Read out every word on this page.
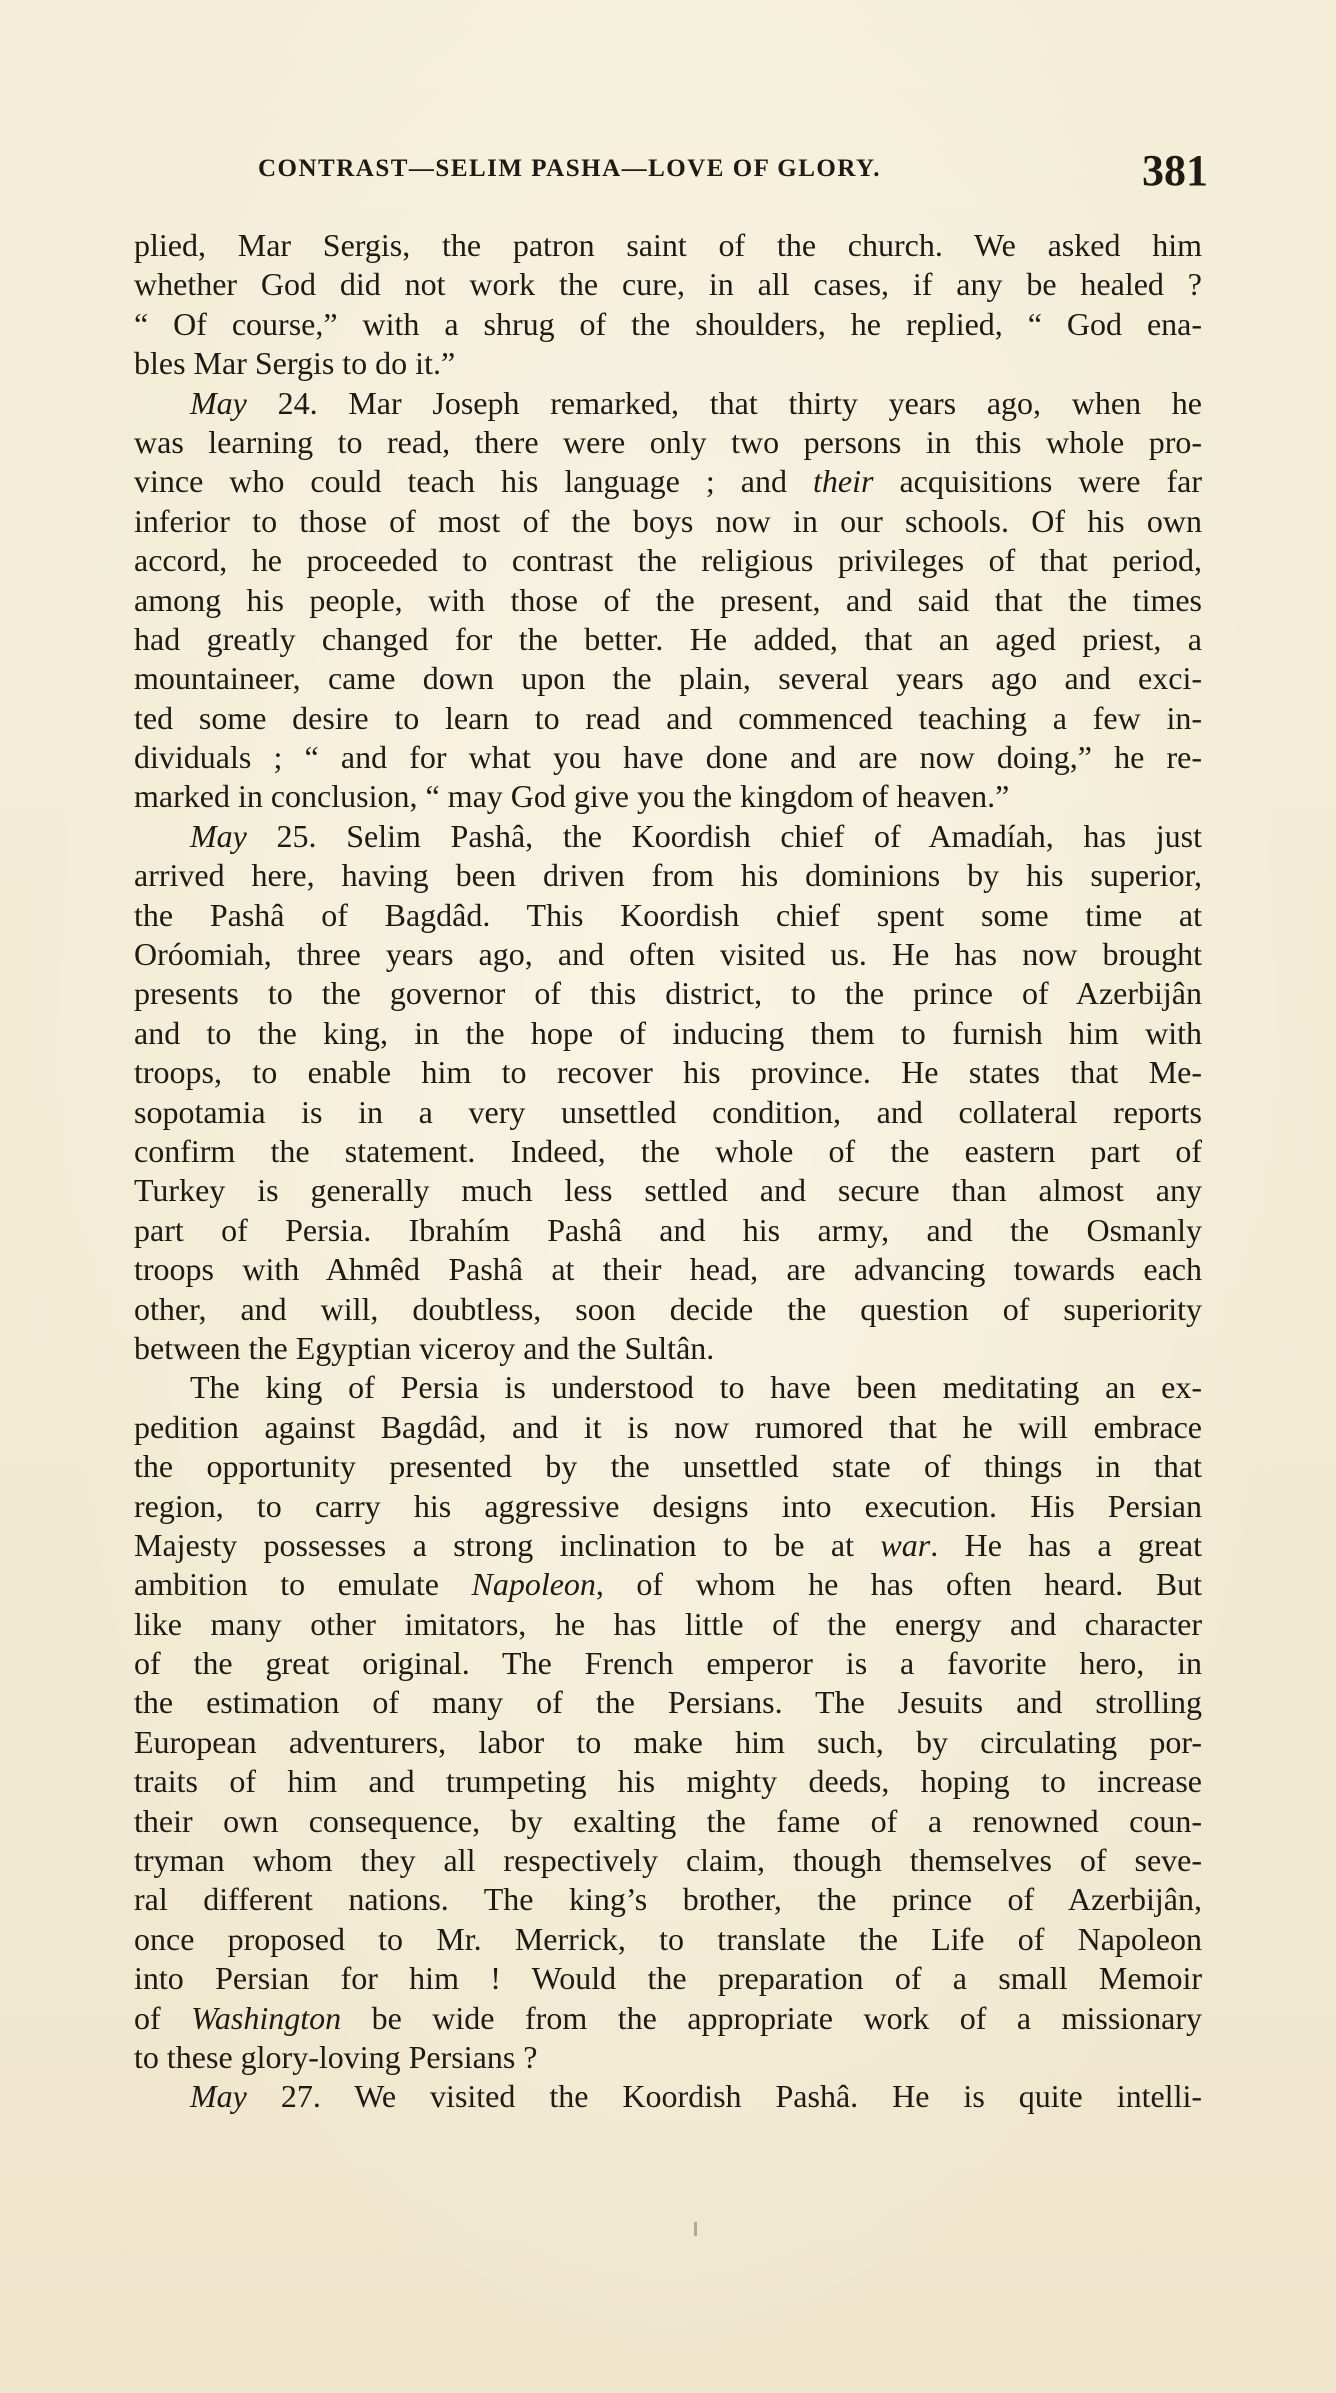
CONTRAST—SELIM PASHA—LOVE OF GLORY.	381
plied, Mar Sergis, the patron saint of the church. We asked him
whether God did not work the cure, in all cases, if any be healed ?
“ Of course,” with a shrug of the shoulders, he replied, “ God ena-
bles Mar Sergis to do it.”
May 24. Mar Joseph remarked, that thirty years ago, when he
was learning to read, there were only two persons in this whole pro-
vince who could teach his language ; and their acquisitions were far
inferior to those of most of the boys now in our schools. Of his own
accord, he proceeded to contrast the religious privileges of that period,
among his people, with those of the present, and said that the times
had greatly changed for the better. He added, that an aged priest, a
mountaineer, came down upon the plain, several years ago and exci-
ted some desire to learn to read and commenced teaching a few in-
dividuals ; “ and for what you have done and are now doing,” he re-
marked in conclusion, “ may God give you the kingdom of heaven.”
May 25. Selim Pashâ, the Koordish chief of Amadíah, has just
arrived here, having been driven from his dominions by his superior,
the Pashâ of Bagdâd. This Koordish chief spent some time at
Oróomiah, three years ago, and often visited us. He has now brought
presents to the governor of this district, to the prince of Azerbijân
and to the king, in the hope of inducing them to furnish him with
troops, to enable him to recover his province. He states that Me-
sopotamia is in a very unsettled condition, and collateral reports
confirm the statement. Indeed, the whole of the eastern part of
Turkey is generally much less settled and secure than almost any
part of Persia. Ibrahím Pashâ and his army, and the Osmanly
troops with Ahmêd Pashâ at their head, are advancing towards each
other, and will, doubtless, soon decide the question of superiority
between the Egyptian viceroy and the Sultân.
The king of Persia is understood to have been meditating an ex-
pedition against Bagdâd, and it is now rumored that he will embrace
the opportunity presented by the unsettled state of things in that
region, to carry his aggressive designs into execution. His Persian
Majesty possesses a strong inclination to be at war. He has a great
ambition to emulate Napoleon, of whom he has often heard. But
like many other imitators, he has little of the energy and character
of the great original. The French emperor is a favorite hero, in
the estimation of many of the Persians. The Jesuits and strolling
European adventurers, labor to make him such, by circulating por-
traits of him and trumpeting his mighty deeds, hoping to increase
their own consequence, by exalting the fame of a renowned coun-
tryman whom they all respectively claim, though themselves of seve-
ral different nations. The king’s brother, the prince of Azerbijân,
once proposed to Mr. Merrick, to translate the Life of Napoleon
into Persian for him ! Would the preparation of a small Memoir
of Washington be wide from the appropriate work of a missionary
to these glory-loving Persians ?
May 27. We visited the Koordish Pashâ. He is quite intelli-
